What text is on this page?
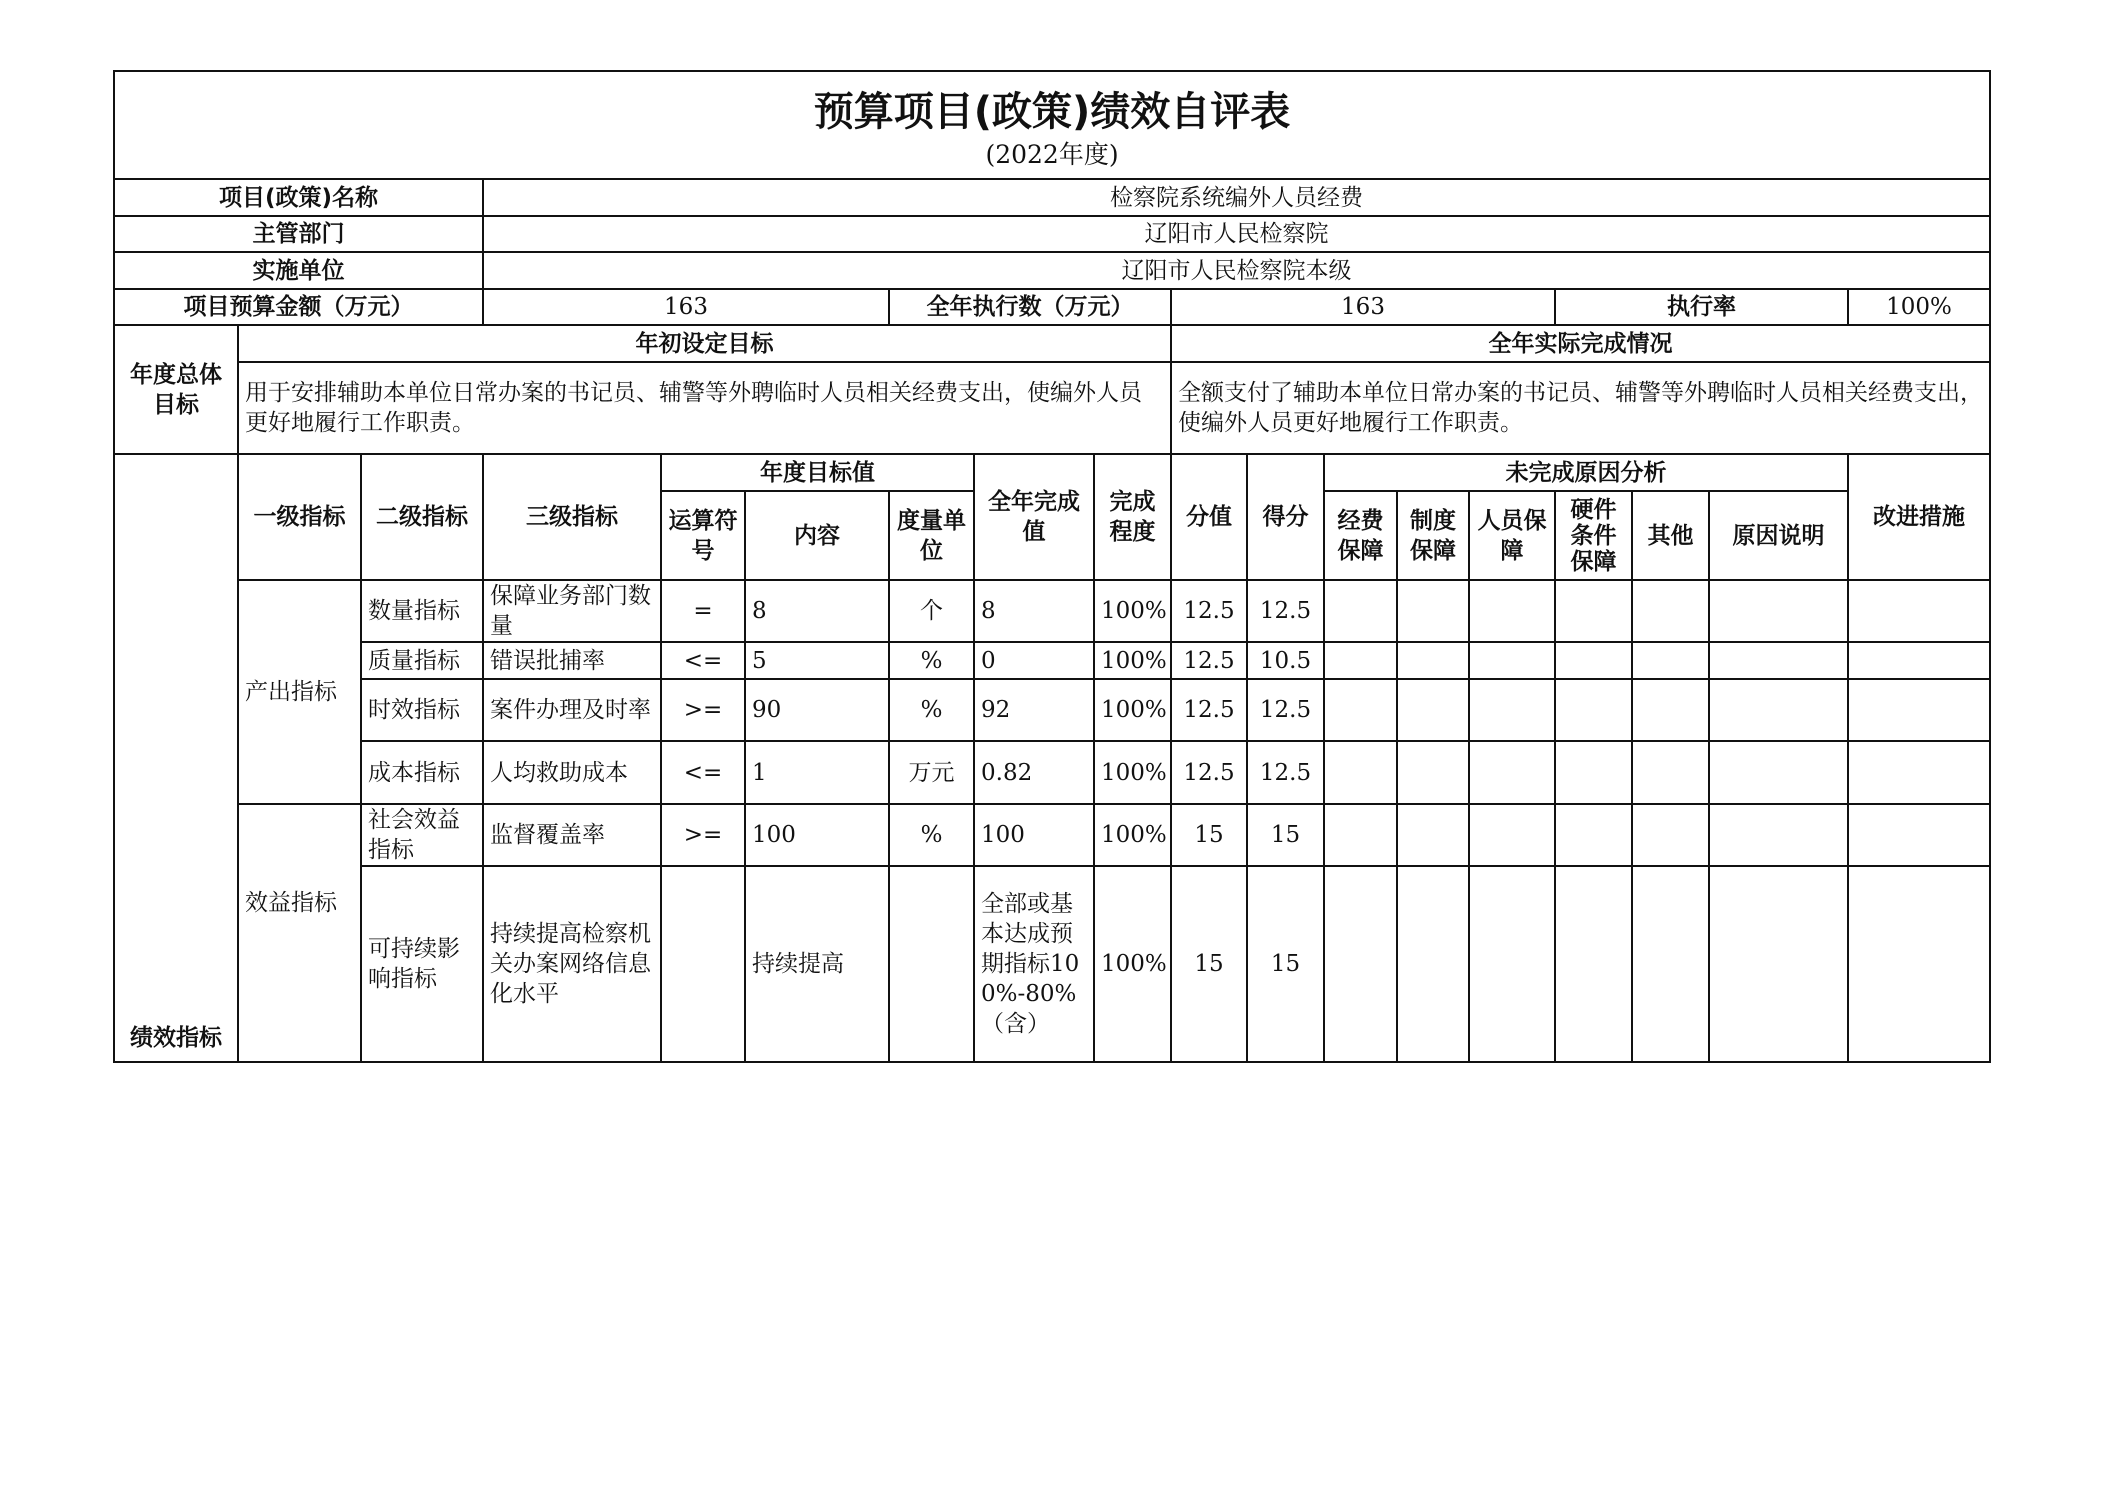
预算项目(政策)绩效自评表
(2022年度)																	

项目(政策)名称			检察院系统编外人员经费														
主管部门			辽阳市人民检察院														
实施单位			辽阳市人民检察院本级														
项目预算金额（万元）			163			全年执行数（万元）			163					执行率			100%
年度总体目标	年初设定目标								全年实际完成情况								
	用于安排辅助本单位日常办案的书记员、辅警等外聘临时人员相关经费支出，使编外人员更好地履行工作职责。								全额支付了辅助本单位日常办案的书记员、辅警等外聘临时人员相关经费支出，使编外人员更好地履行工作职责。								
绩效指标	一级指标	二级指标	三级指标	年度目标值			全年完成值	完成程度	分值	得分	未完成原因分析						改进措施
				运算符号	内容	度量单位					经费保障	制度保障	人员保障	硬件条件保障	其他	原因说明	
	产出指标	数量指标	保障业务部门数量	=	8	个	8	100%	12.5	12.5							
		质量指标	错误批捕率	<=	5	%	0	100%	12.5	10.5							
		时效指标	案件办理及时率	>=	90	%	92	100%	12.5	12.5							
		成本指标	人均救助成本	<=	1	万元	0.82	100%	12.5	12.5							
	效益指标	社会效益指标	监督覆盖率	>=	100	%	100	100%	15	15							
		可持续影响指标	持续提高检察机关办案网络信息化水平		持续提高		全部或基本达成预期指标100%-80%（含）	100%	15	15							
